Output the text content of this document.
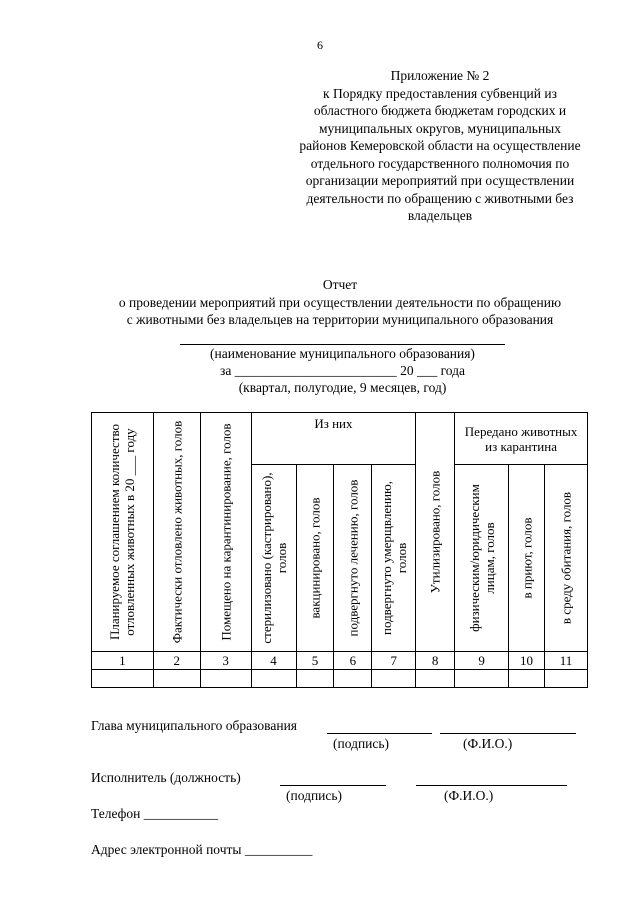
6
Приложение № 2
к Порядку предоставления субвенций из
областного бюджета бюджетам городских и
муниципальных округов, муниципальных
районов Кемеровской области на осуществление
отдельного государственного полномочия по
организации мероприятий при осуществлении
деятельности по обращению с животными без
владельцев
Отчет
о проведении мероприятий при осуществлении деятельности по обращению
с животными без владельцев на территории муниципального образования
(наименование муниципального образования)
за ________________________ 20 ___ года
(квартал, полугодие, 9 месяцев, год)
Планируемое соглашением количество отловленных животных в 20 ___ году	Фактически отловлено животных, голов	Помещено на карантинирование, голов	Из них				Утилизировано, голов	Передано животных из карантина		

			стерилизовано (кастрировано), голов	вакцинировано, голов	подвергнуто лечению, голов	подвергнуто умерщвлению, голов		физическим/юридическим лицам, голов	в приют, голов	в среду обитания, голов

1	2	3	4	5	6	7	8	9	10	11

Глава муниципального образования
(подпись)	(Ф.И.О.)
Исполнитель (должность)
(подпись)	(Ф.И.О.)
Телефон ___________
Адрес электронной почты __________
